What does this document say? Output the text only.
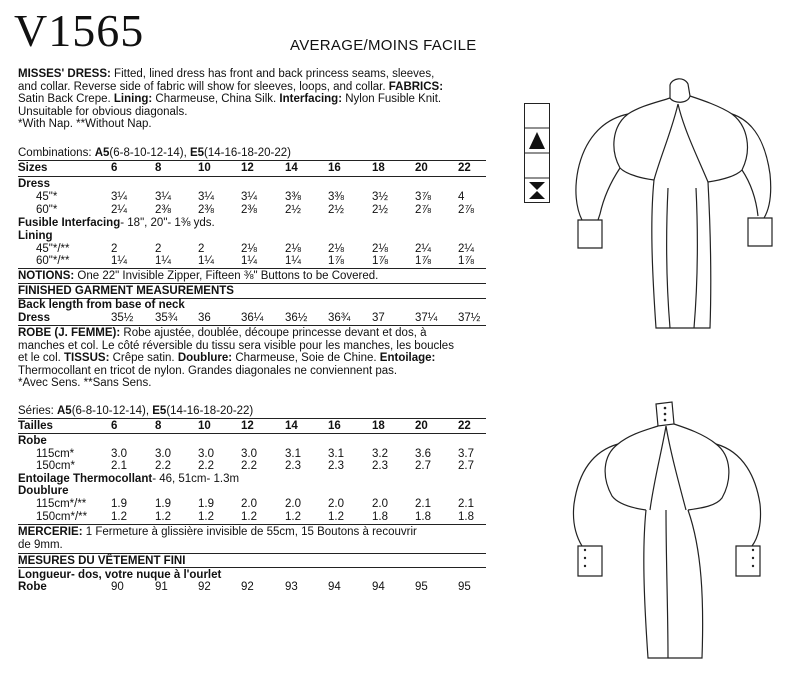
V1565	AVERAGE/MOINS FACILE
MISSES' DRESS: Fitted, lined dress has front and back princess seams, sleeves,
and collar. Reverse side of fabric will show for sleeves, loops, and collar. FABRICS:
Satin Back Crepe. Lining: Charmeuse, China Silk. Interfacing: Nylon Fusible Knit.
Unsuitable for obvious diagonals.
*With Nap. **Without Nap.
Combinations: A5(6-8-10-12-14), E5(14-16-18-20-22)
Sizes	6	8	10	12	14	16	18	20	22
Dress
45"*	3¼ 3¼ 3¼ 3¼ 3⅜ 3⅜ 3½ 3⅞ 4
60"*	2¼ 2⅜ 2⅜ 2⅜ 2½ 2½ 2½ 2⅞ 2⅞
Fusible Interfacing- 18", 20"- 1⅜ yds.
Lining
45"*/**	2	2	2	2⅛ 2⅛ 2⅛ 2⅛ 2¼ 2¼
60"*/**	1¼ 1¼ 1¼ 1¼ 1¼ 1⅞ 1⅞ 1⅞ 1⅞
NOTIONS: One 22" Invisible Zipper, Fifteen ⅜" Buttons to be Covered.
FINISHED GARMENT MEASUREMENTS
Back length from base of neck
Dress	35½ 35¾ 36	36¼ 36½ 36¾ 37	37¼ 37½
ROBE (J. FEMME): Robe ajustée, doublée, découpe princesse devant et dos, à
manches et col. Le côté réversible du tissu sera visible pour les manches, les boucles
et le col. TISSUS: Crêpe satin. Doublure: Charmeuse, Soie de Chine. Entoilage:
Thermocollant en tricot de nylon. Grandes diagonales ne conviennent pas.
*Avec Sens. **Sans Sens.
Séries: A5(6-8-10-12-14), E5(14-16-18-20-22)
Tailles	6	8	10	12	14	16	18	20	22
Robe
115cm*	3.0 3.0 3.0 3.0 3.1 3.1 3.2 3.6 3.7
150cm*	2.1 2.2 2.2 2.2 2.3 2.3 2.3 2.7 2.7
Entoilage Thermocollant- 46, 51cm- 1.3m
Doublure
115cm*/** 1.9 1.9 1.9 2.0 2.0 2.0 2.0 2.1 2.1
150cm*/** 1.2 1.2 1.2 1.2 1.2 1.2 1.8 1.8 1.8
MERCERIE: 1 Fermeture à glissière invisible de 55cm, 15 Boutons à recouvrir
de 9mm.
MESURES DU VÊTEMENT FINI
Longueur- dos, votre nuque à l'ourlet
Robe	90	91	92	92	93	94	94	95	95
